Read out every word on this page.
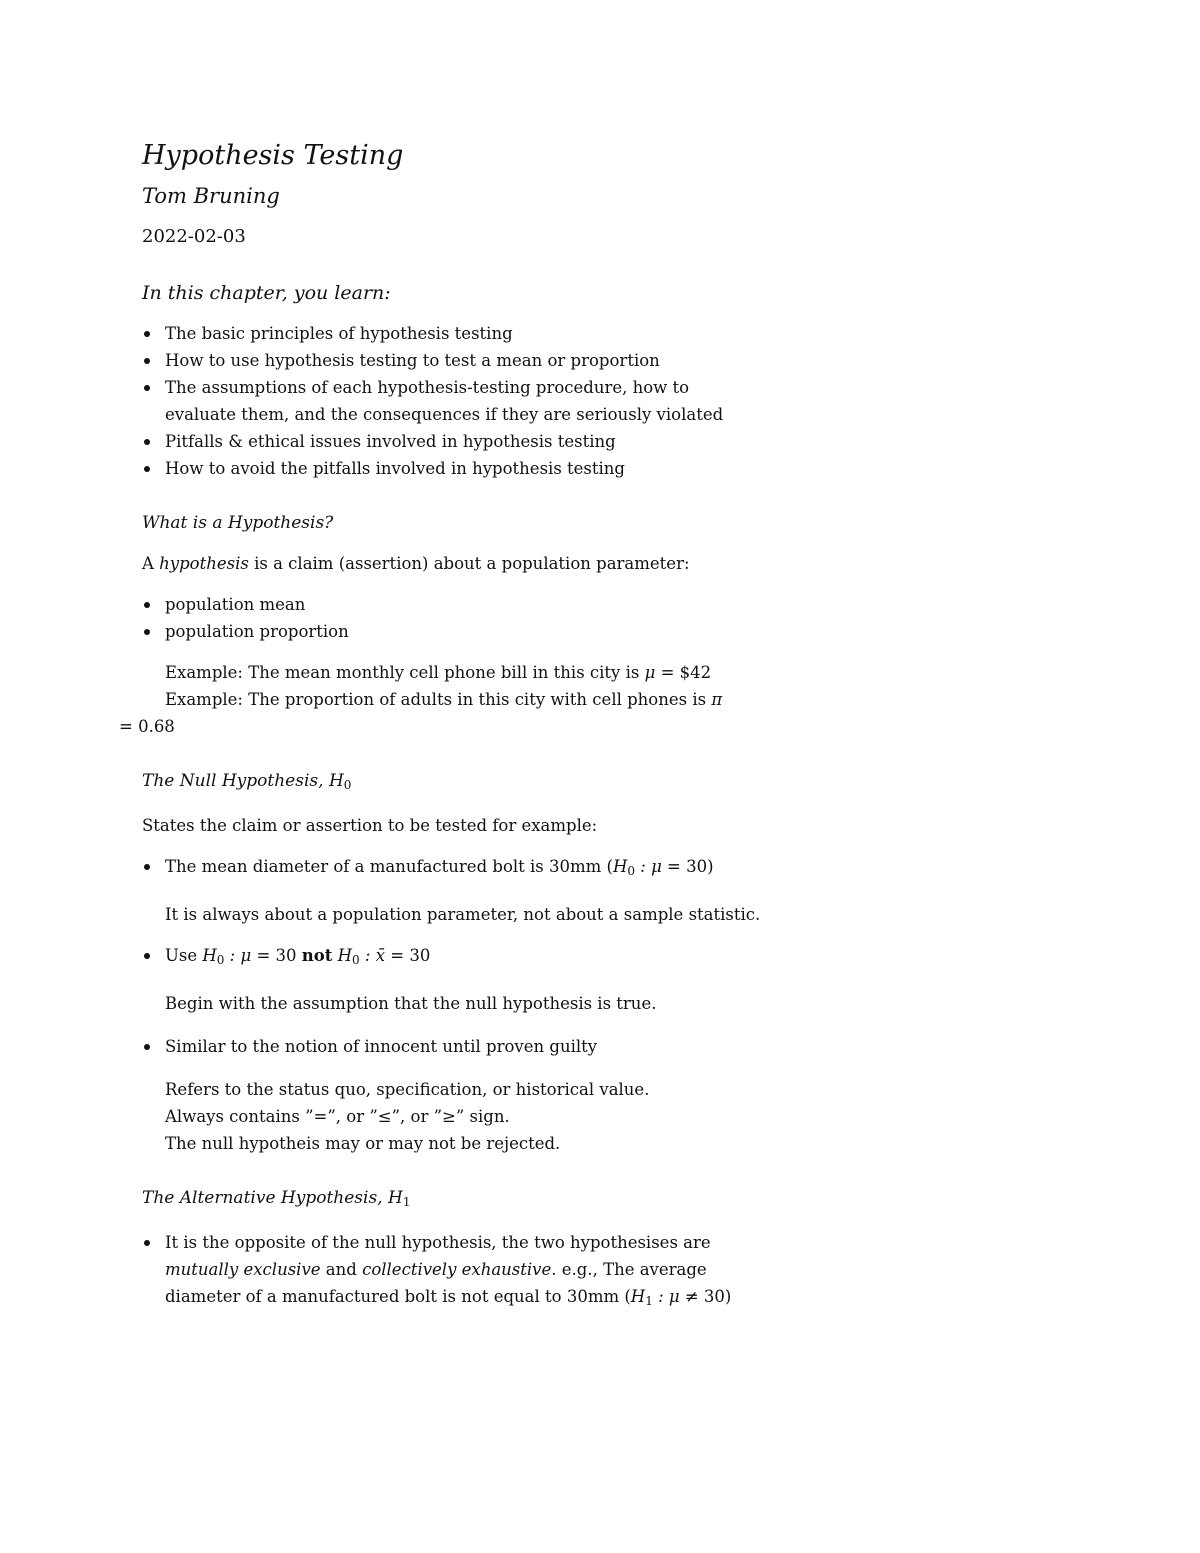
Hypothesis Testing
Tom Bruning
2022-02-03
In this chapter, you learn:
The basic principles of hypothesis testing
How to use hypothesis testing to test a mean or proportion
The assumptions of each hypothesis-testing procedure, how to evaluate them, and the consequences if they are seriously violated
Pitfalls & ethical issues involved in hypothesis testing
How to avoid the pitfalls involved in hypothesis testing
What is a Hypothesis?

A hypothesis is a claim (assertion) about a population parameter:

population mean
population proportion

Example: The mean monthly cell phone bill in this city is μ = $42
Example: The proportion of adults in this city with cell phones is π
= 0.68

The Null Hypothesis, $H_0$

States the claim or assertion to be tested for example:

The mean diameter of a manufactured bolt is 30mm ($H_0$ : μ = 30)

It is always about a population parameter, not about a sample statistic.

Use $H_0$ : μ = 30 not $H_0$ : x̄ = 30

Begin with the assumption that the null hypothesis is true.

Similar to the notion of innocent until proven guilty

Refers to the status quo, specification, or historical value.
Always contains ”=”, or ”≤”, or ”≥” sign.
The null hypotheis may or may not be rejected.

The Alternative Hypothesis, $H_1$
It is the opposite of the null hypothesis, the two hypothesises are mutually exclusive and collectively exhaustive. e.g., The average diameter of a manufactured bolt is not equal to 30mm ($H_1$ : μ ≠ 30)
